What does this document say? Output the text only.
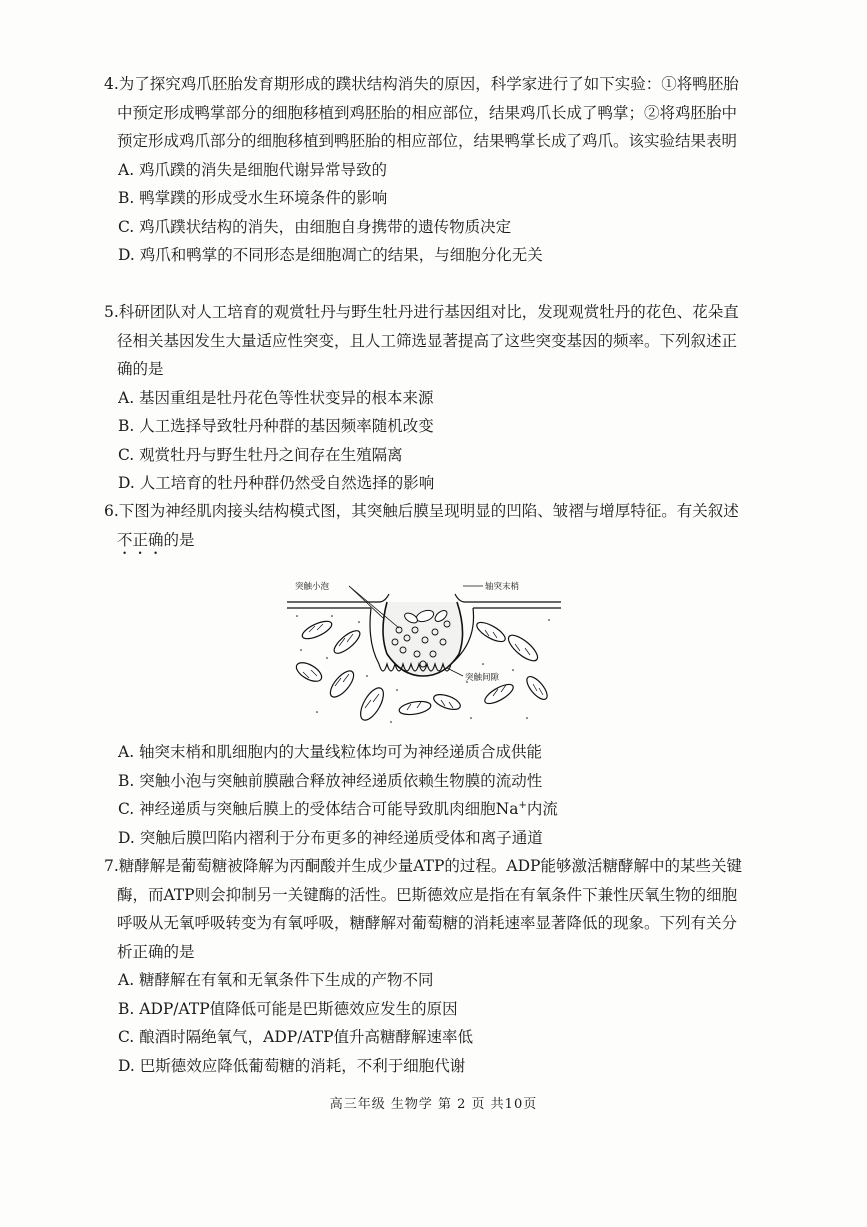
4.为了探究鸡爪胚胎发育期形成的蹼状结构消失的原因，科学家进行了如下实验：①将鸭胚胎中预定形成鸭掌部分的细胞移植到鸡胚胎的相应部位，结果鸡爪长成了鸭掌；②将鸡胚胎中预定形成鸡爪部分的细胞移植到鸭胚胎的相应部位，结果鸭掌长成了鸡爪。该实验结果表明
A. 鸡爪蹼的消失是细胞代谢异常导致的
B. 鸭掌蹼的形成受水生环境条件的影响
C. 鸡爪蹼状结构的消失，由细胞自身携带的遗传物质决定
D. 鸡爪和鸭掌的不同形态是细胞凋亡的结果，与细胞分化无关
5.科研团队对人工培育的观赏牡丹与野生牡丹进行基因组对比，发现观赏牡丹的花色、花朵直径相关基因发生大量适应性突变，且人工筛选显著提高了这些突变基因的频率。下列叙述正确的是
A. 基因重组是牡丹花色等性状变异的根本来源
B. 人工选择导致牡丹种群的基因频率随机改变
C. 观赏牡丹与野生牡丹之间存在生殖隔离
D. 人工培育的牡丹种群仍然受自然选择的影响
6.下图为神经肌肉接头结构模式图，其突触后膜呈现明显的凹陷、皱褶与增厚特征。有关叙述不正确的是
突触小泡	轴突末梢
突触间隙
A. 轴突末梢和肌细胞内的大量线粒体均可为神经递质合成供能
B. 突触小泡与突触前膜融合释放神经递质依赖生物膜的流动性
C. 神经递质与突触后膜上的受体结合可能导致肌肉细胞Na+内流
D. 突触后膜凹陷内褶利于分布更多的神经递质受体和离子通道
7.糖酵解是葡萄糖被降解为丙酮酸并生成少量ATP的过程。ADP能够激活糖酵解中的某些关键酶，而ATP则会抑制另一关键酶的活性。巴斯德效应是指在有氧条件下兼性厌氧生物的细胞呼吸从无氧呼吸转变为有氧呼吸，糖酵解对葡萄糖的消耗速率显著降低的现象。下列有关分析正确的是
A. 糖酵解在有氧和无氧条件下生成的产物不同
B. ADP/ATP值降低可能是巴斯德效应发生的原因
C. 酿酒时隔绝氧气，ADP/ATP值升高糖酵解速率低
D. 巴斯德效应降低葡萄糖的消耗，不利于细胞代谢
高三年级 生物学 第 2 页 共10页
